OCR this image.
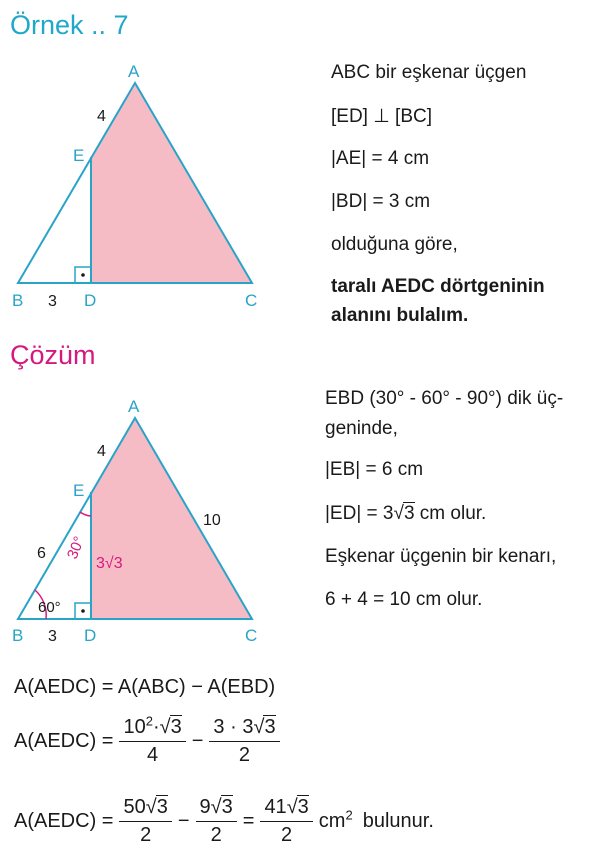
Örnek .. 7
A
E
B	D	C
4
3
ABC bir eşkenar üçgen
[ED] ⊥ [BC]
|AE| = 4 cm
|BD| = 3 cm
olduğuna göre,
taralı AEDC dörtgeninin
alanını bulalım.
Çözüm
A
E
B	D	C
4
3
6
10
30°
60°
3√3
EBD (30° - 60° - 90°) dik üç-
geninde,
|EB| = 6 cm
|ED| = 3√3 cm olur.
Eşkenar üçgenin bir kenarı,
6 + 4 = 10 cm olur.
A(AEDC) = A(ABC) − A(EBD)
A(AEDC) = $\frac{10^2\cdot√3}{4} - \frac{3 \cdot 3√3}{2}$
A(AEDC) = $\frac{50√3}{2} - \frac{9√3}{2} = \frac{41√3}{2} cm^2$ bulunur.
